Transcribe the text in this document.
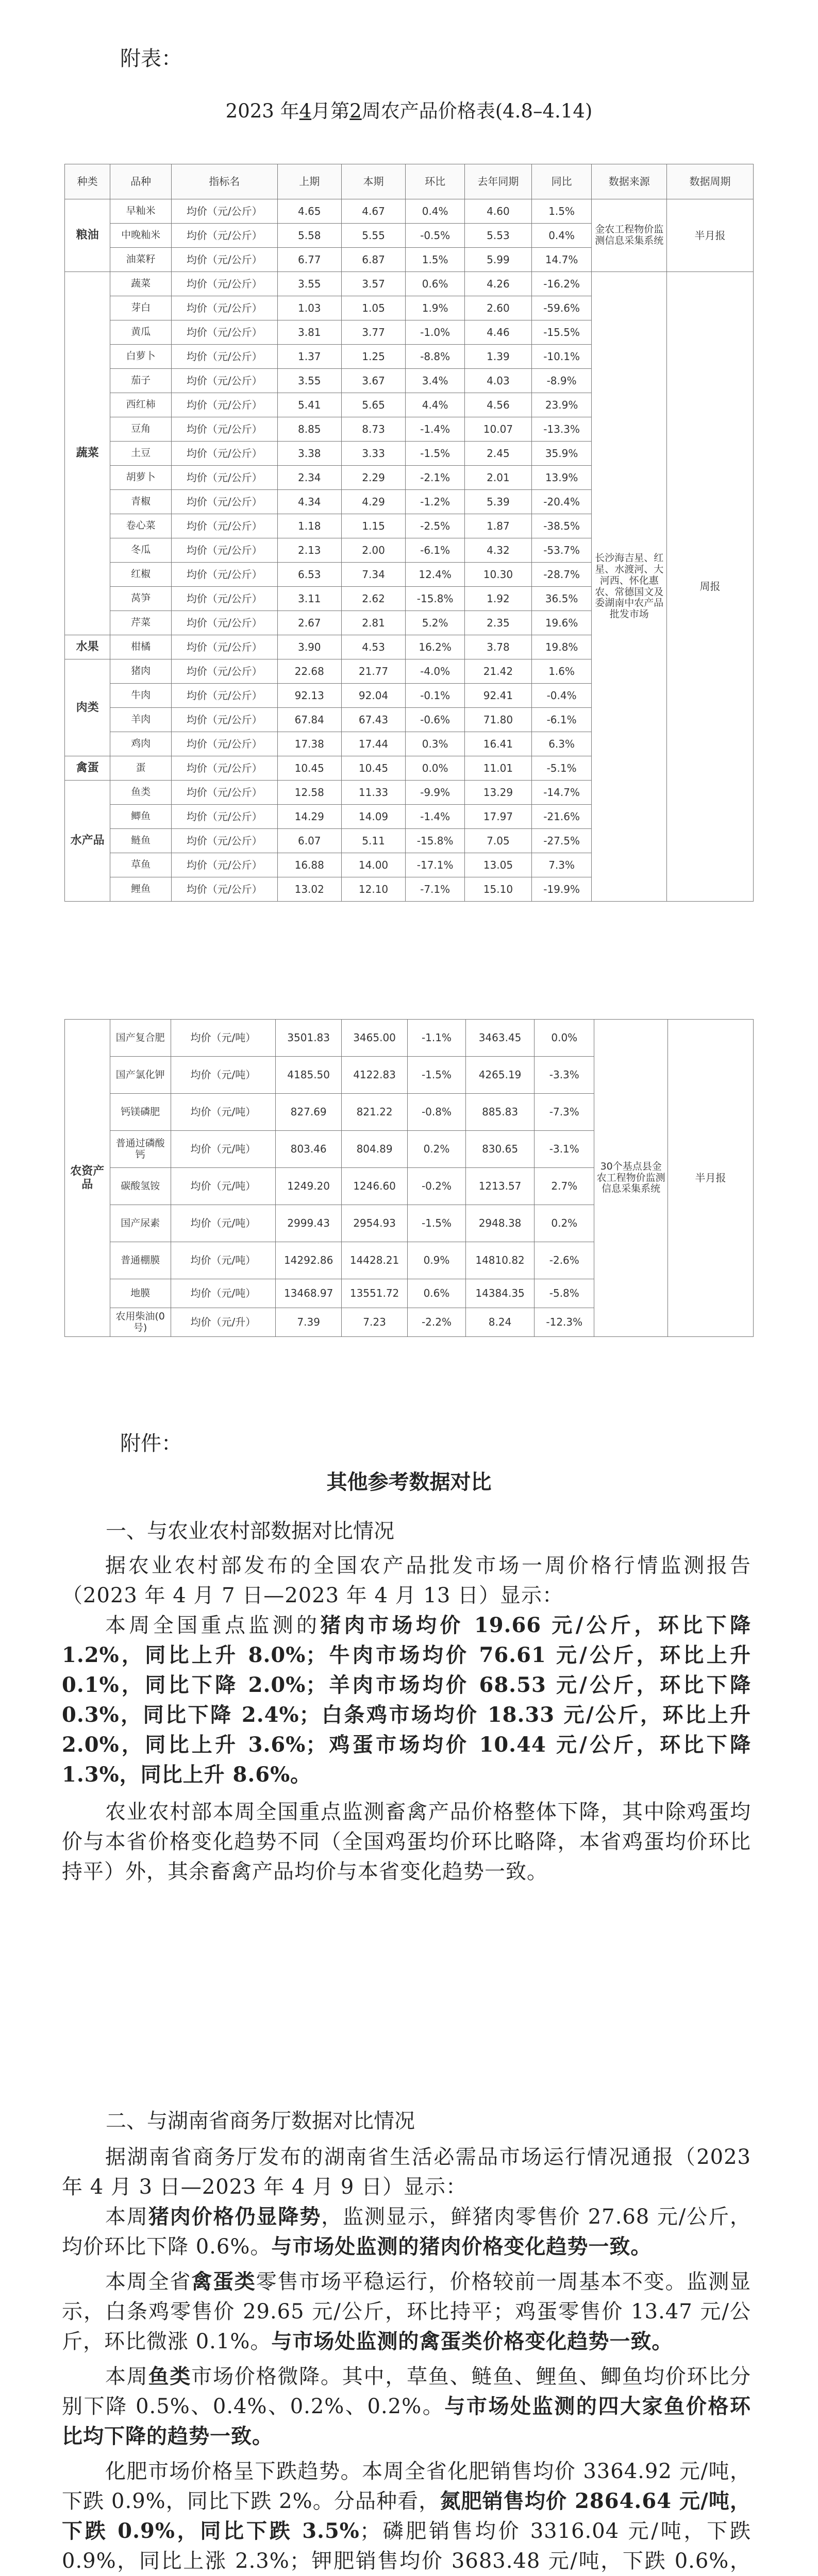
附表：
2023 年4月第2周农产品价格表(4.8–4.14)
种类	品种	指标名	上期	本期	环比	去年同期	同比	数据来源	数据周期
粮油	早籼米	均价（元/公斤）	4.65	4.67	0.4%	4.60	1.5%	金农工程物价监测信息采集系统	半月报
	中晚籼米	均价（元/公斤）	5.58	5.55	-0.5%	5.53	0.4%		
	油菜籽	均价（元/公斤）	6.77	6.87	1.5%	5.99	14.7%		
蔬菜	蔬菜	均价（元/公斤）	3.55	3.57	0.6%	4.26	-16.2%	长沙海吉星、红星、水渡河、大河西、怀化惠农、常德国文及委湖南中农产品批发市场	周报
	芽白	均价（元/公斤）	1.03	1.05	1.9%	2.60	-59.6%		
	黄瓜	均价（元/公斤）	3.81	3.77	-1.0%	4.46	-15.5%		
	白萝卜	均价（元/公斤）	1.37	1.25	-8.8%	1.39	-10.1%		
	茄子	均价（元/公斤）	3.55	3.67	3.4%	4.03	-8.9%		
	西红柿	均价（元/公斤）	5.41	5.65	4.4%	4.56	23.9%		
	豆角	均价（元/公斤）	8.85	8.73	-1.4%	10.07	-13.3%		
	土豆	均价（元/公斤）	3.38	3.33	-1.5%	2.45	35.9%		
	胡萝卜	均价（元/公斤）	2.34	2.29	-2.1%	2.01	13.9%		
	青椒	均价（元/公斤）	4.34	4.29	-1.2%	5.39	-20.4%		
	卷心菜	均价（元/公斤）	1.18	1.15	-2.5%	1.87	-38.5%		
	冬瓜	均价（元/公斤）	2.13	2.00	-6.1%	4.32	-53.7%		
	红椒	均价（元/公斤）	6.53	7.34	12.4%	10.30	-28.7%		
	莴笋	均价（元/公斤）	3.11	2.62	-15.8%	1.92	36.5%		
	芹菜	均价（元/公斤）	2.67	2.81	5.2%	2.35	19.6%		
水果	柑橘	均价（元/公斤）	3.90	4.53	16.2%	3.78	19.8%		
肉类	猪肉	均价（元/公斤）	22.68	21.77	-4.0%	21.42	1.6%		
	牛肉	均价（元/公斤）	92.13	92.04	-0.1%	92.41	-0.4%		
	羊肉	均价（元/公斤）	67.84	67.43	-0.6%	71.80	-6.1%		
	鸡肉	均价（元/公斤）	17.38	17.44	0.3%	16.41	6.3%		
禽蛋	蛋	均价（元/公斤）	10.45	10.45	0.0%	11.01	-5.1%		
水产品	鱼类	均价（元/公斤）	12.58	11.33	-9.9%	13.29	-14.7%		
	鲫鱼	均价（元/公斤）	14.29	14.09	-1.4%	17.97	-21.6%		
	鲢鱼	均价（元/公斤）	6.07	5.11	-15.8%	7.05	-27.5%		
	草鱼	均价（元/公斤）	16.88	14.00	-17.1%	13.05	7.3%		
	鲤鱼	均价（元/公斤）	13.02	12.10	-7.1%	15.10	-19.9%		
农资产品	国产复合肥	均价（元/吨）	3501.83	3465.00	-1.1%	3463.45	0.0%	30个基点县金农工程物价监测信息采集系统	半月报
	国产氯化钾	均价（元/吨）	4185.50	4122.83	-1.5%	4265.19	-3.3%		
	钙镁磷肥	均价（元/吨）	827.69	821.22	-0.8%	885.83	-7.3%		
	普通过磷酸钙	均价（元/吨）	803.46	804.89	0.2%	830.65	-3.1%		
	碳酸氢铵	均价（元/吨）	1249.20	1246.60	-0.2%	1213.57	2.7%		
	国产尿素	均价（元/吨）	2999.43	2954.93	-1.5%	2948.38	0.2%		
	普通棚膜	均价（元/吨）	14292.86	14428.21	0.9%	14810.82	-2.6%		
	地膜	均价（元/吨）	13468.97	13551.72	0.6%	14384.35	-5.8%		
	农用柴油(0号)	均价（元/升）	7.39	7.23	-2.2%	8.24	-12.3%		
附件：
其他参考数据对比
一、与农业农村部数据对比情况

据农业农村部发布的全国农产品批发市场一周价格行情监测报告（2023 年 4 月 7 日—2023 年 4 月 13 日）显示：

本周全国重点监测的猪肉市场均价 19.66 元/公斤，环比下降 1.2%，同比上升 8.0%；牛肉市场均价 76.61 元/公斤，环比上升 0.1%，同比下降 2.0%；羊肉市场均价 68.53 元/公斤，环比下降 0.3%，同比下降 2.4%；白条鸡市场均价 18.33 元/公斤，环比上升 2.0%，同比上升 3.6%；鸡蛋市场均价 10.44 元/公斤，环比下降 1.3%，同比上升 8.6%。

农业农村部本周全国重点监测畜禽产品价格整体下降，其中除鸡蛋均价与本省价格变化趋势不同（全国鸡蛋均价环比略降，本省鸡蛋均价环比持平）外，其余畜禽产品均价与本省变化趋势一致。

二、与湖南省商务厅数据对比情况

据湖南省商务厅发布的湖南省生活必需品市场运行情况通报（2023 年 4 月 3 日—2023 年 4 月 9 日）显示：

本周猪肉价格仍显降势，监测显示，鲜猪肉零售价 27.68 元/公斤，均价环比下降 0.6%。与市场处监测的猪肉价格变化趋势一致。

本周全省禽蛋类零售市场平稳运行，价格较前一周基本不变。监测显示，白条鸡零售价 29.65 元/公斤，环比持平；鸡蛋零售价 13.47 元/公斤，环比微涨 0.1%。与市场处监测的禽蛋类价格变化趋势一致。

本周鱼类市场价格微降。其中，草鱼、鲢鱼、鲤鱼、鲫鱼均价环比分别下降 0.5%、0.4%、0.2%、0.2%。与市场处监测的四大家鱼价格环比均下降的趋势一致。

化肥市场价格呈下跌趋势。本周全省化肥销售均价 3364.92 元/吨，下跌 0.9%，同比下跌 2%。分品种看，氮肥销售均价 2864.64 元/吨，下跌 0.9%，同比下跌 3.5%；磷肥销售均价 3316.04 元/吨，下跌 0.9%，同比上涨 2.3%；钾肥销售均价 3683.48 元/吨，下跌 0.6%，
